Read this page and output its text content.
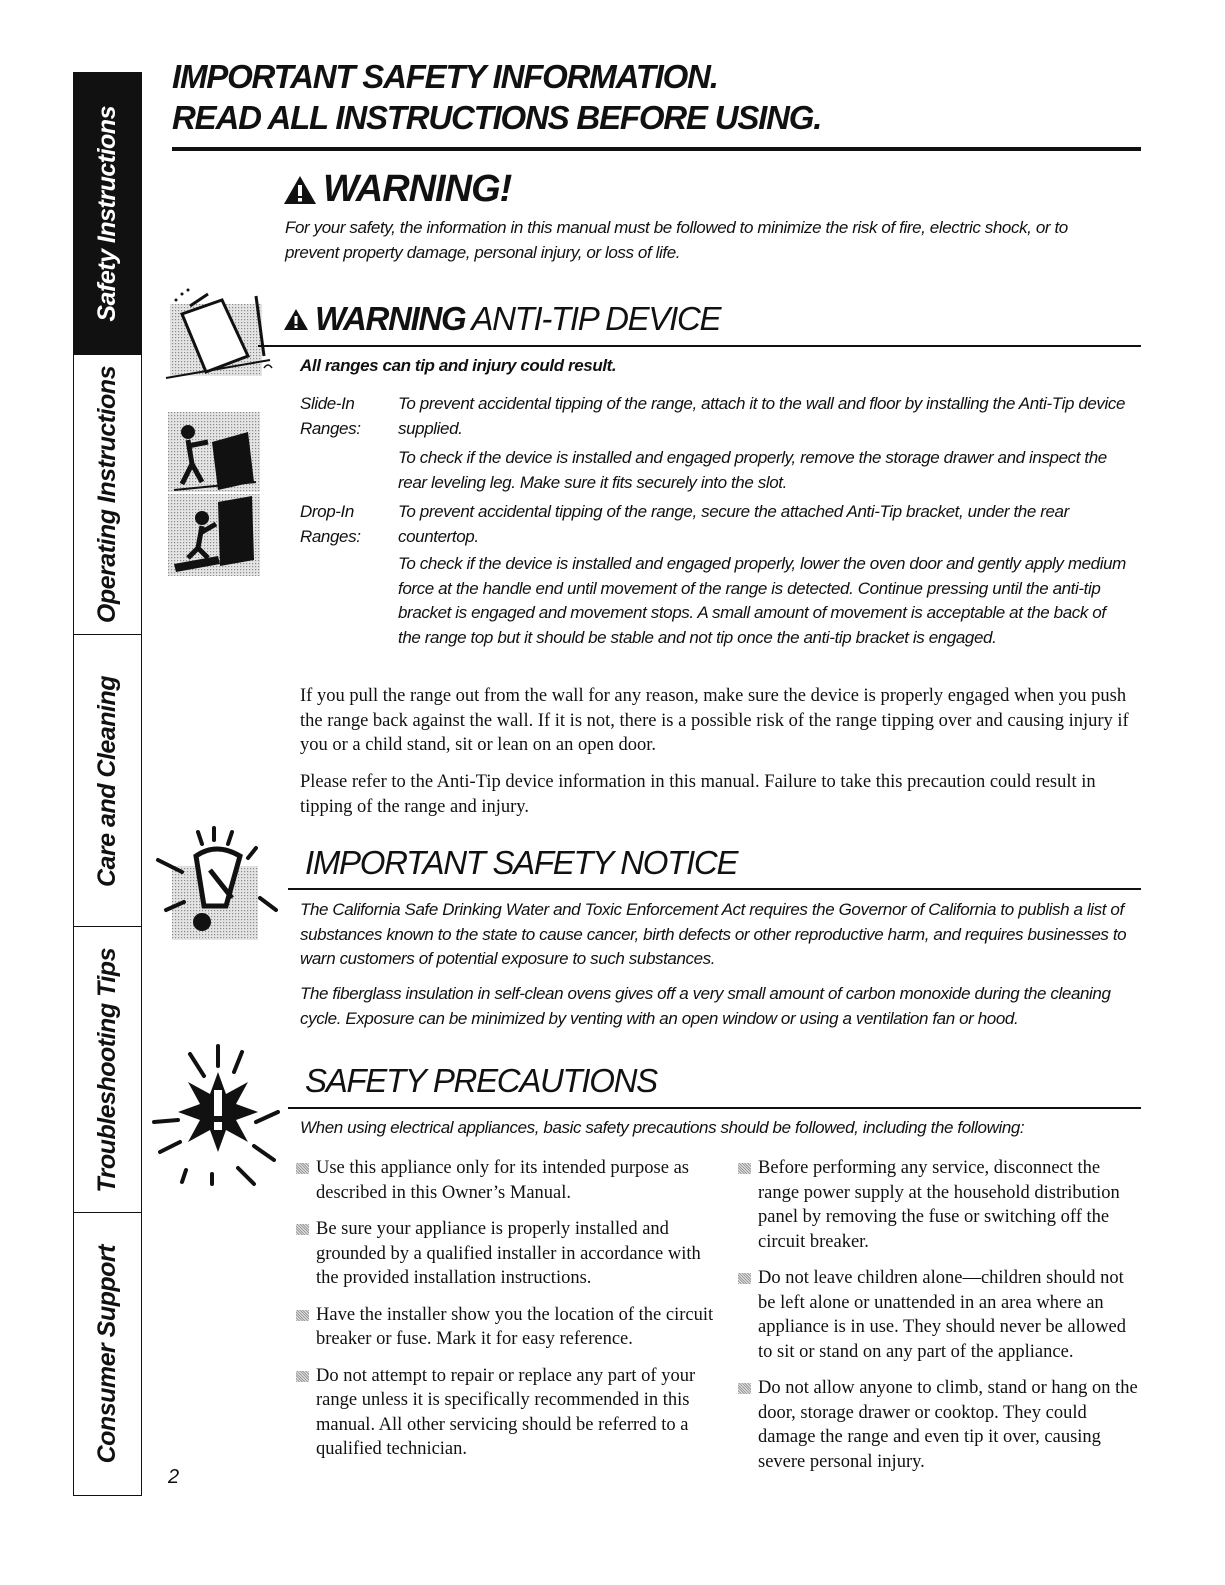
Safety Instructions
Operating Instructions
Care and Cleaning
Troubleshooting Tips
Consumer Support

IMPORTANT SAFETY INFORMATION.

READ ALL INSTRUCTIONS BEFORE USING.

WARNING!
For your safety, the information in this manual must be followed to minimize the risk of fire, electric shock, or to prevent property damage, personal injury, or loss of life.
WARNING ANTI-TIP DEVICE
All ranges can tip and injury could result.
Slide-In Ranges:
To prevent accidental tipping of the range, attach it to the wall and floor by installing the Anti-Tip device supplied.
To check if the device is installed and engaged properly, remove the storage drawer and inspect the rear leveling leg. Make sure it fits securely into the slot.
Drop-In Ranges:
To prevent accidental tipping of the range, secure the attached Anti-Tip bracket, under the rear countertop.
To check if the device is installed and engaged properly, lower the oven door and gently apply medium force at the handle end until movement of the range is detected. Continue pressing until the anti-tip bracket is engaged and movement stops. A small amount of movement is acceptable at the back of the range top but it should be stable and not tip once the anti-tip bracket is engaged.
If you pull the range out from the wall for any reason, make sure the device is properly engaged when you push the range back against the wall. If it is not, there is a possible risk of the range tipping over and causing injury if you or a child stand, sit or lean on an open door.
Please refer to the Anti-Tip device information in this manual. Failure to take this precaution could result in tipping of the range and injury.
IMPORTANT SAFETY NOTICE
The California Safe Drinking Water and Toxic Enforcement Act requires the Governor of California to publish a list of substances known to the state to cause cancer, birth defects or other reproductive harm, and requires businesses to warn customers of potential exposure to such substances.
The fiberglass insulation in self-clean ovens gives off a very small amount of carbon monoxide during the cleaning cycle. Exposure can be minimized by venting with an open window or using a ventilation fan or hood.
SAFETY PRECAUTIONS
When using electrical appliances, basic safety precautions should be followed, including the following:
Use this appliance only for its intended purpose as described in this Owner’s Manual.
Be sure your appliance is properly installed and grounded by a qualified installer in accordance with the provided installation instructions.
Have the installer show you the location of the circuit breaker or fuse. Mark it for easy reference.
Do not attempt to repair or replace any part of your range unless it is specifically recommended in this manual. All other servicing should be referred to a qualified technician.
Before performing any service, disconnect the range power supply at the household distribution panel by removing the fuse or switching off the circuit breaker.
Do not leave children alone—children should not be left alone or unattended in an area where an appliance is in use. They should never be allowed to sit or stand on any part of the appliance.
Do not allow anyone to climb, stand or hang on the door, storage drawer or cooktop. They could damage the range and even tip it over, causing severe personal injury.
2
